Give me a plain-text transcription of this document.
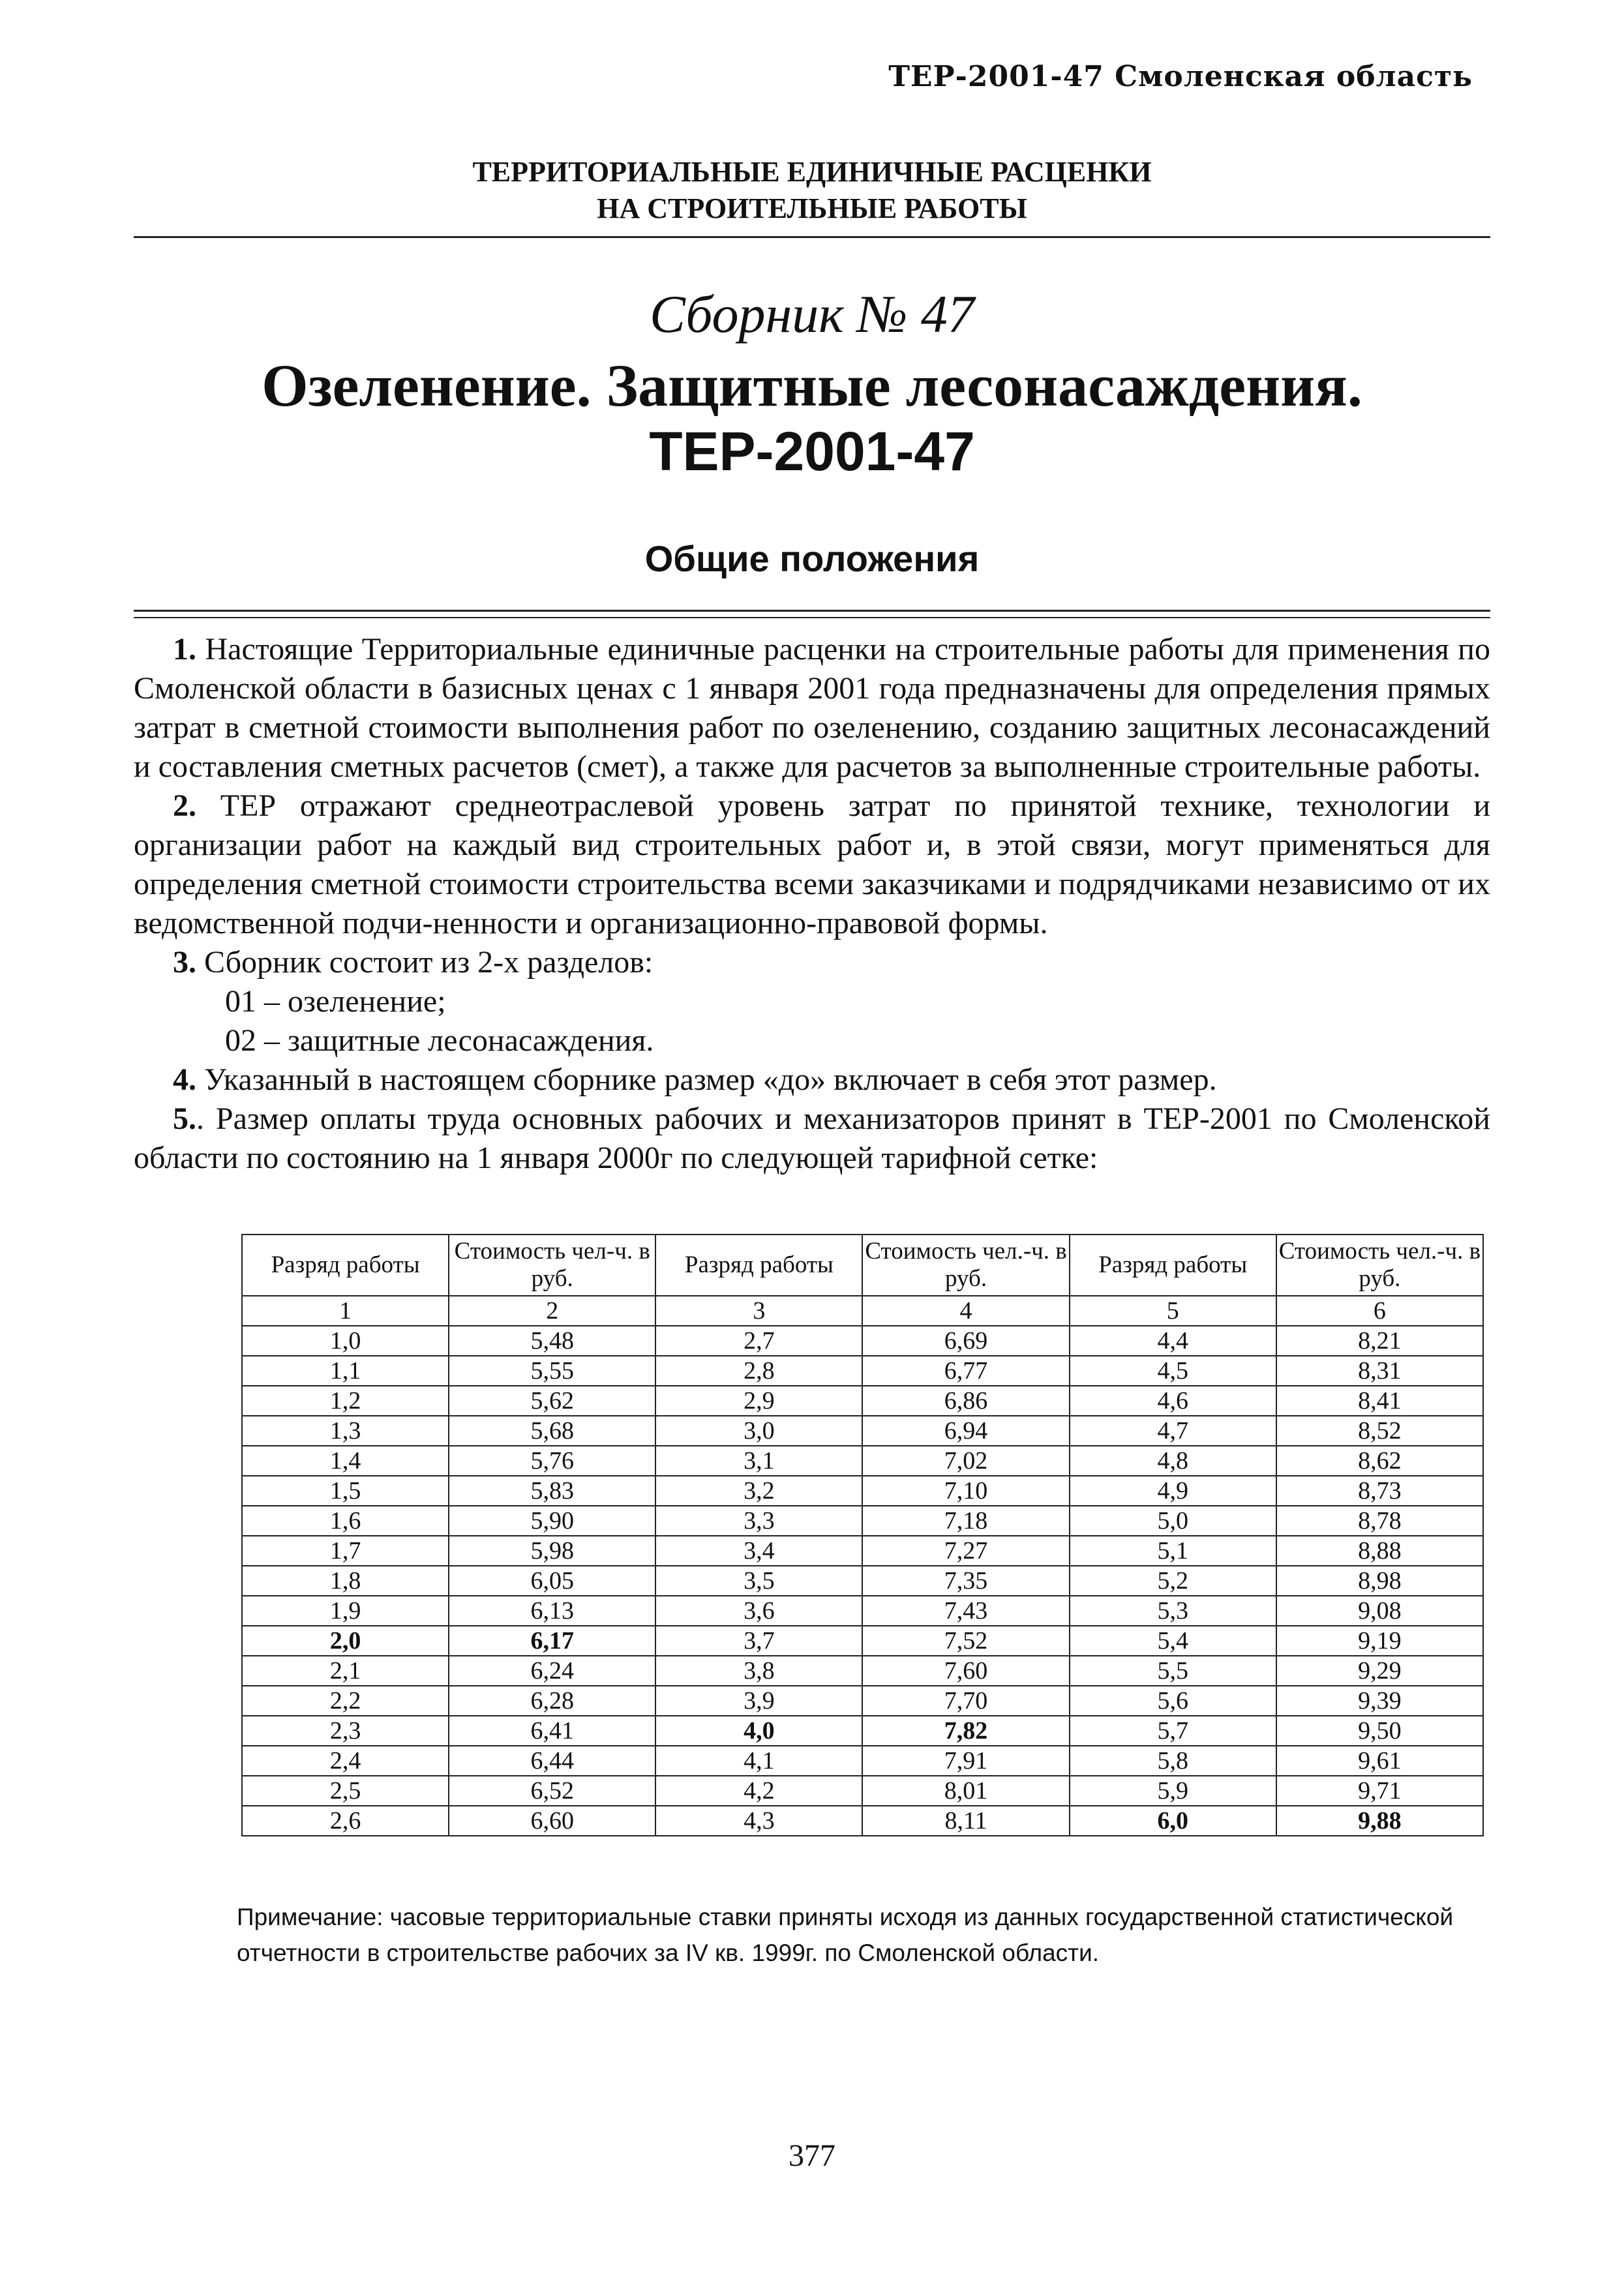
ТЕР-2001-47 Смоленская область
ТЕРРИТОРИАЛЬНЫЕ ЕДИНИЧНЫЕ РАСЦЕНКИ
НА СТРОИТЕЛЬНЫЕ РАБОТЫ
Сборник № 47
Озеленение. Защитные лесонасаждения.
ТЕР-2001-47
Общие положения

1. Настоящие Территориальные единичные расценки на строительные работы для применения по Смоленской области в базисных ценах с 1 января 2001 года предназначены для определения прямых затрат в сметной стоимости выполнения работ по озеленению, созданию защитных лесонасаждений и составления сметных расчетов (смет), а также для расчетов за выполненные строительные работы.

2. ТЕР отражают среднеотраслевой уровень затрат по принятой технике, технологии и организации работ на каждый вид строительных работ и, в этой связи, могут применяться для определения сметной стоимости строительства всеми заказчиками и подрядчиками независимо от их ведомственной подчи-ненности и организационно-правовой формы.

3. Сборник состоит из 2-х разделов:

01 – озеленение;

02 – защитные лесонасаждения.

4. Указанный в настоящем сборнике размер «до» включает в себя этот размер.

5.. Размер оплаты труда основных рабочих и механизаторов принят в ТЕР-2001 по Смоленской области по состоянию на 1 января 2000г по следующей тарифной сетке:

Разряд работы	Стоимость чел-ч. в руб.	Разряд работы	Стоимость чел.-ч. в руб.	Разряд работы	Стоимость чел.-ч. в руб.
1	2	3	4	5	6
1,0	5,48	2,7	6,69	4,4	8,21
1,1	5,55	2,8	6,77	4,5	8,31
1,2	5,62	2,9	6,86	4,6	8,41
1,3	5,68	3,0	6,94	4,7	8,52
1,4	5,76	3,1	7,02	4,8	8,62
1,5	5,83	3,2	7,10	4,9	8,73
1,6	5,90	3,3	7,18	5,0	8,78
1,7	5,98	3,4	7,27	5,1	8,88
1,8	6,05	3,5	7,35	5,2	8,98
1,9	6,13	3,6	7,43	5,3	9,08
2,0	6,17	3,7	7,52	5,4	9,19
2,1	6,24	3,8	7,60	5,5	9,29
2,2	6,28	3,9	7,70	5,6	9,39
2,3	6,41	4,0	7,82	5,7	9,50
2,4	6,44	4,1	7,91	5,8	9,61
2,5	6,52	4,2	8,01	5,9	9,71
2,6	6,60	4,3	8,11	6,0	9,88
Примечание: часовые территориальные ставки приняты исходя из данных государственной статистической отчетности в строительстве рабочих за IV кв. 1999г. по Смоленской области.
377
